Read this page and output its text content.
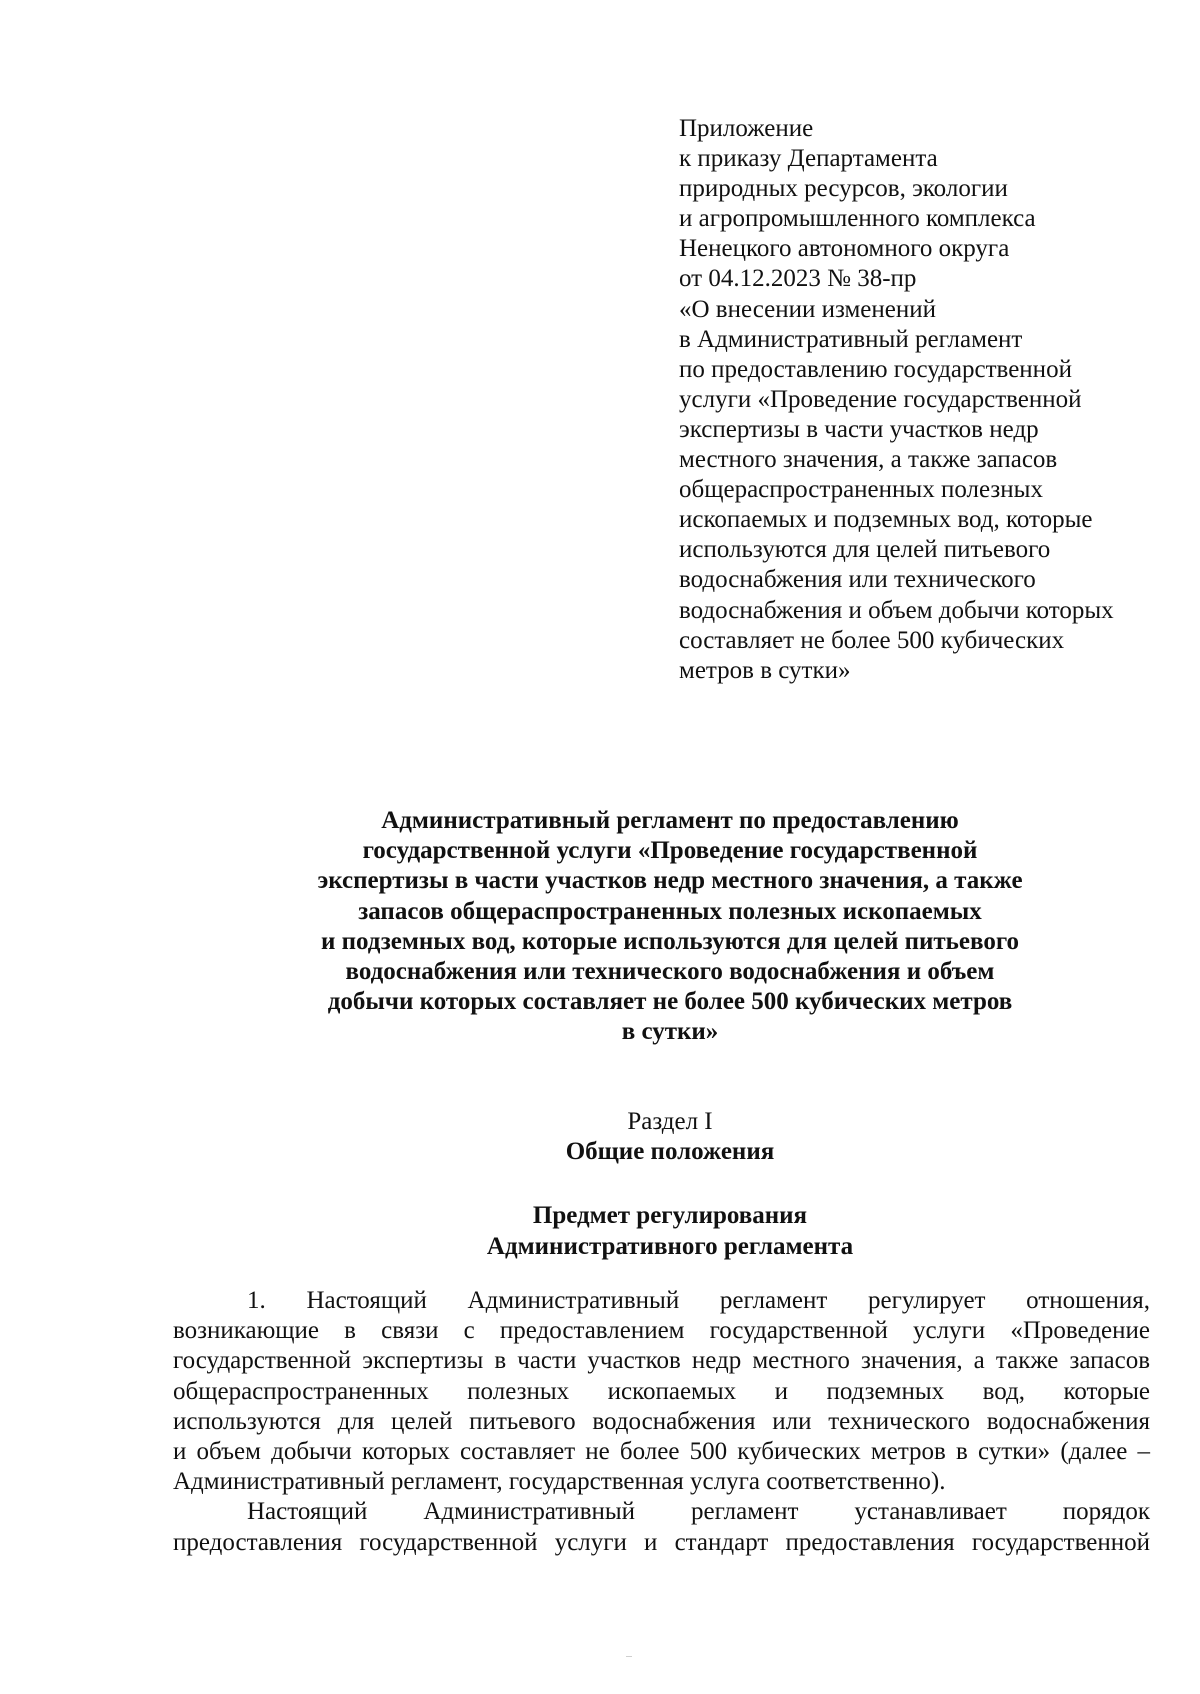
Приложение
к приказу Департамента
природных ресурсов, экологии
и агропромышленного комплекса
Ненецкого автономного округа
от 04.12.2023 № 38-пр
«О внесении изменений
в Административный регламент
по предоставлению государственной
услуги «Проведение государственной
экспертизы в части участков недр
местного значения, а также запасов
общераспространенных полезных
ископаемых и подземных вод, которые
используются для целей питьевого
водоснабжения или технического
водоснабжения и объем добычи которых
составляет не более 500 кубических
метров в сутки»
Административный регламент по предоставлению
государственной услуги «Проведение государственной
экспертизы в части участков недр местного значения, а также
запасов общераспространенных полезных ископаемых
и подземных вод, которые используются для целей питьевого
водоснабжения или технического водоснабжения и объем
добычи которых составляет не более 500 кубических метров
в сутки»
Раздел I
Общие положения
Предмет регулирования
Административного регламента
1. Настоящий Административный регламент регулирует отношения,
возникающие в связи с предоставлением государственной услуги «Проведение
государственной экспертизы в части участков недр местного значения, а также запасов
общераспространенных полезных ископаемых и подземных вод, которые
используются для целей питьевого водоснабжения или технического водоснабжения
и объем добычи которых составляет не более 500 кубических метров в сутки» (далее –
Административный регламент, государственная услуга соответственно).
Настоящий Административный регламент устанавливает порядок
предоставления государственной услуги и стандарт предоставления государственной
